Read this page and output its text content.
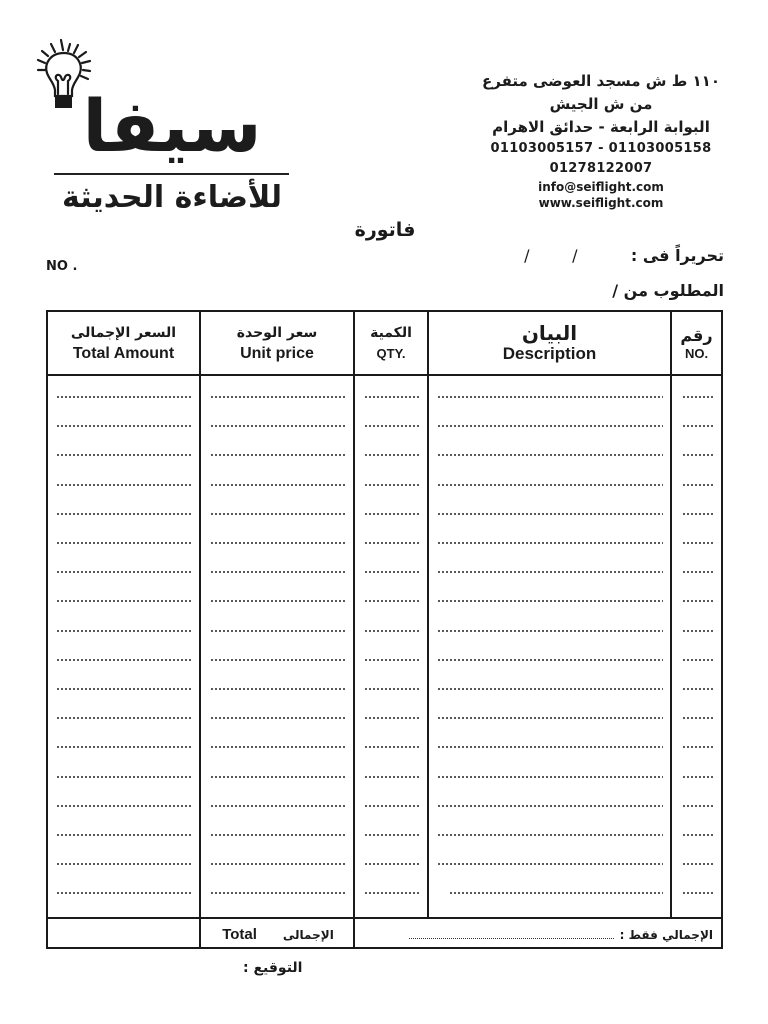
سيفا
للأضاءة الحديثة
١١٠ ط ش مسجد العوضى متفرع
من ش الجيش
البوابة الرابعة - حدائق الاهرام
01103005157 - 01103005158
01278122007
info@seiflight.com
www.seiflight.com
فاتورة
NO .
تحريراً فى :
/
/
المطلوب من /
السعر الإجمالى
Total Amount
سعر الوحدة
Unit price
الكمية
QTY.
البيان
Description
رقم
NO.
Total الإجمالى	الإجمالي فقط :
التوقيع :
